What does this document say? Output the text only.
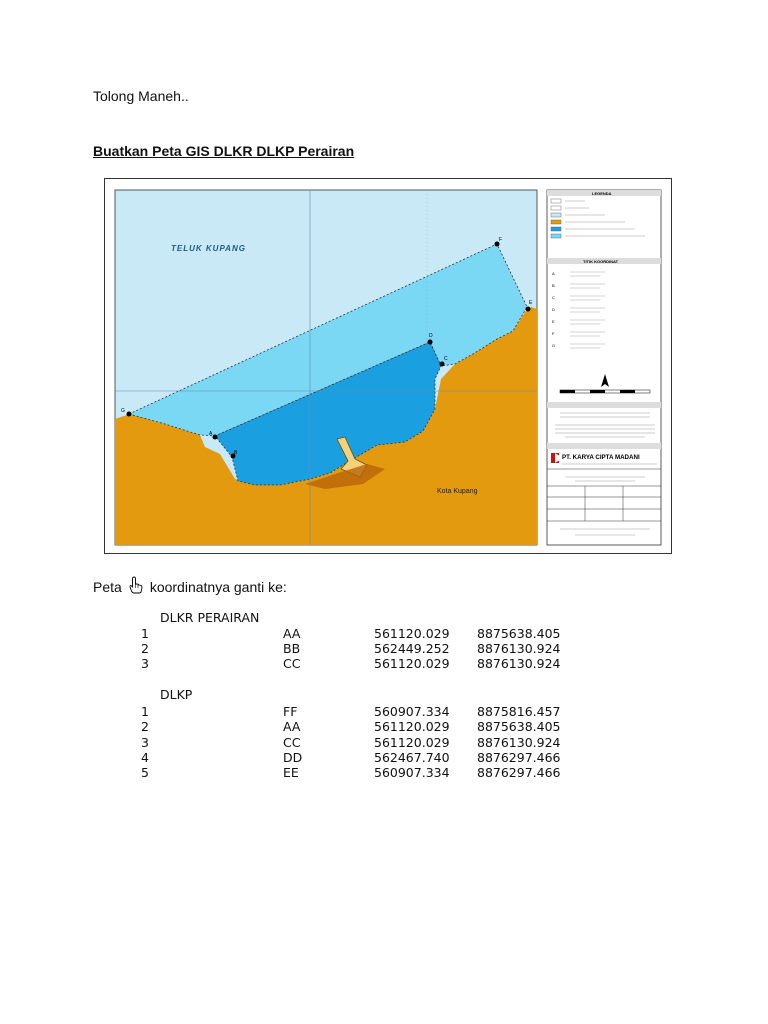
Tolong Maneh..
Buatkan Peta GIS DLKR DLKP Perairan
G
A
B
D
C
F
E
TELUK KUPANG
Kota Kupang
LEGENDA
TITIK KOORDINAT
A
B
C
D
E
F
G
PT. KARYA CIPTA MADANI
Peta koordinatnya ganti ke:
DLKR PERAIRAN
1	AA	561120.029 8875638.405
2	BB	562449.252 8876130.924
3	CC	561120.029 8876130.924
DLKP
1	FF	560907.334 8875816.457
2	AA	561120.029 8875638.405
3	CC	561120.029 8876130.924
4	DD	562467.740 8876297.466
5	EE	560907.334 8876297.466
